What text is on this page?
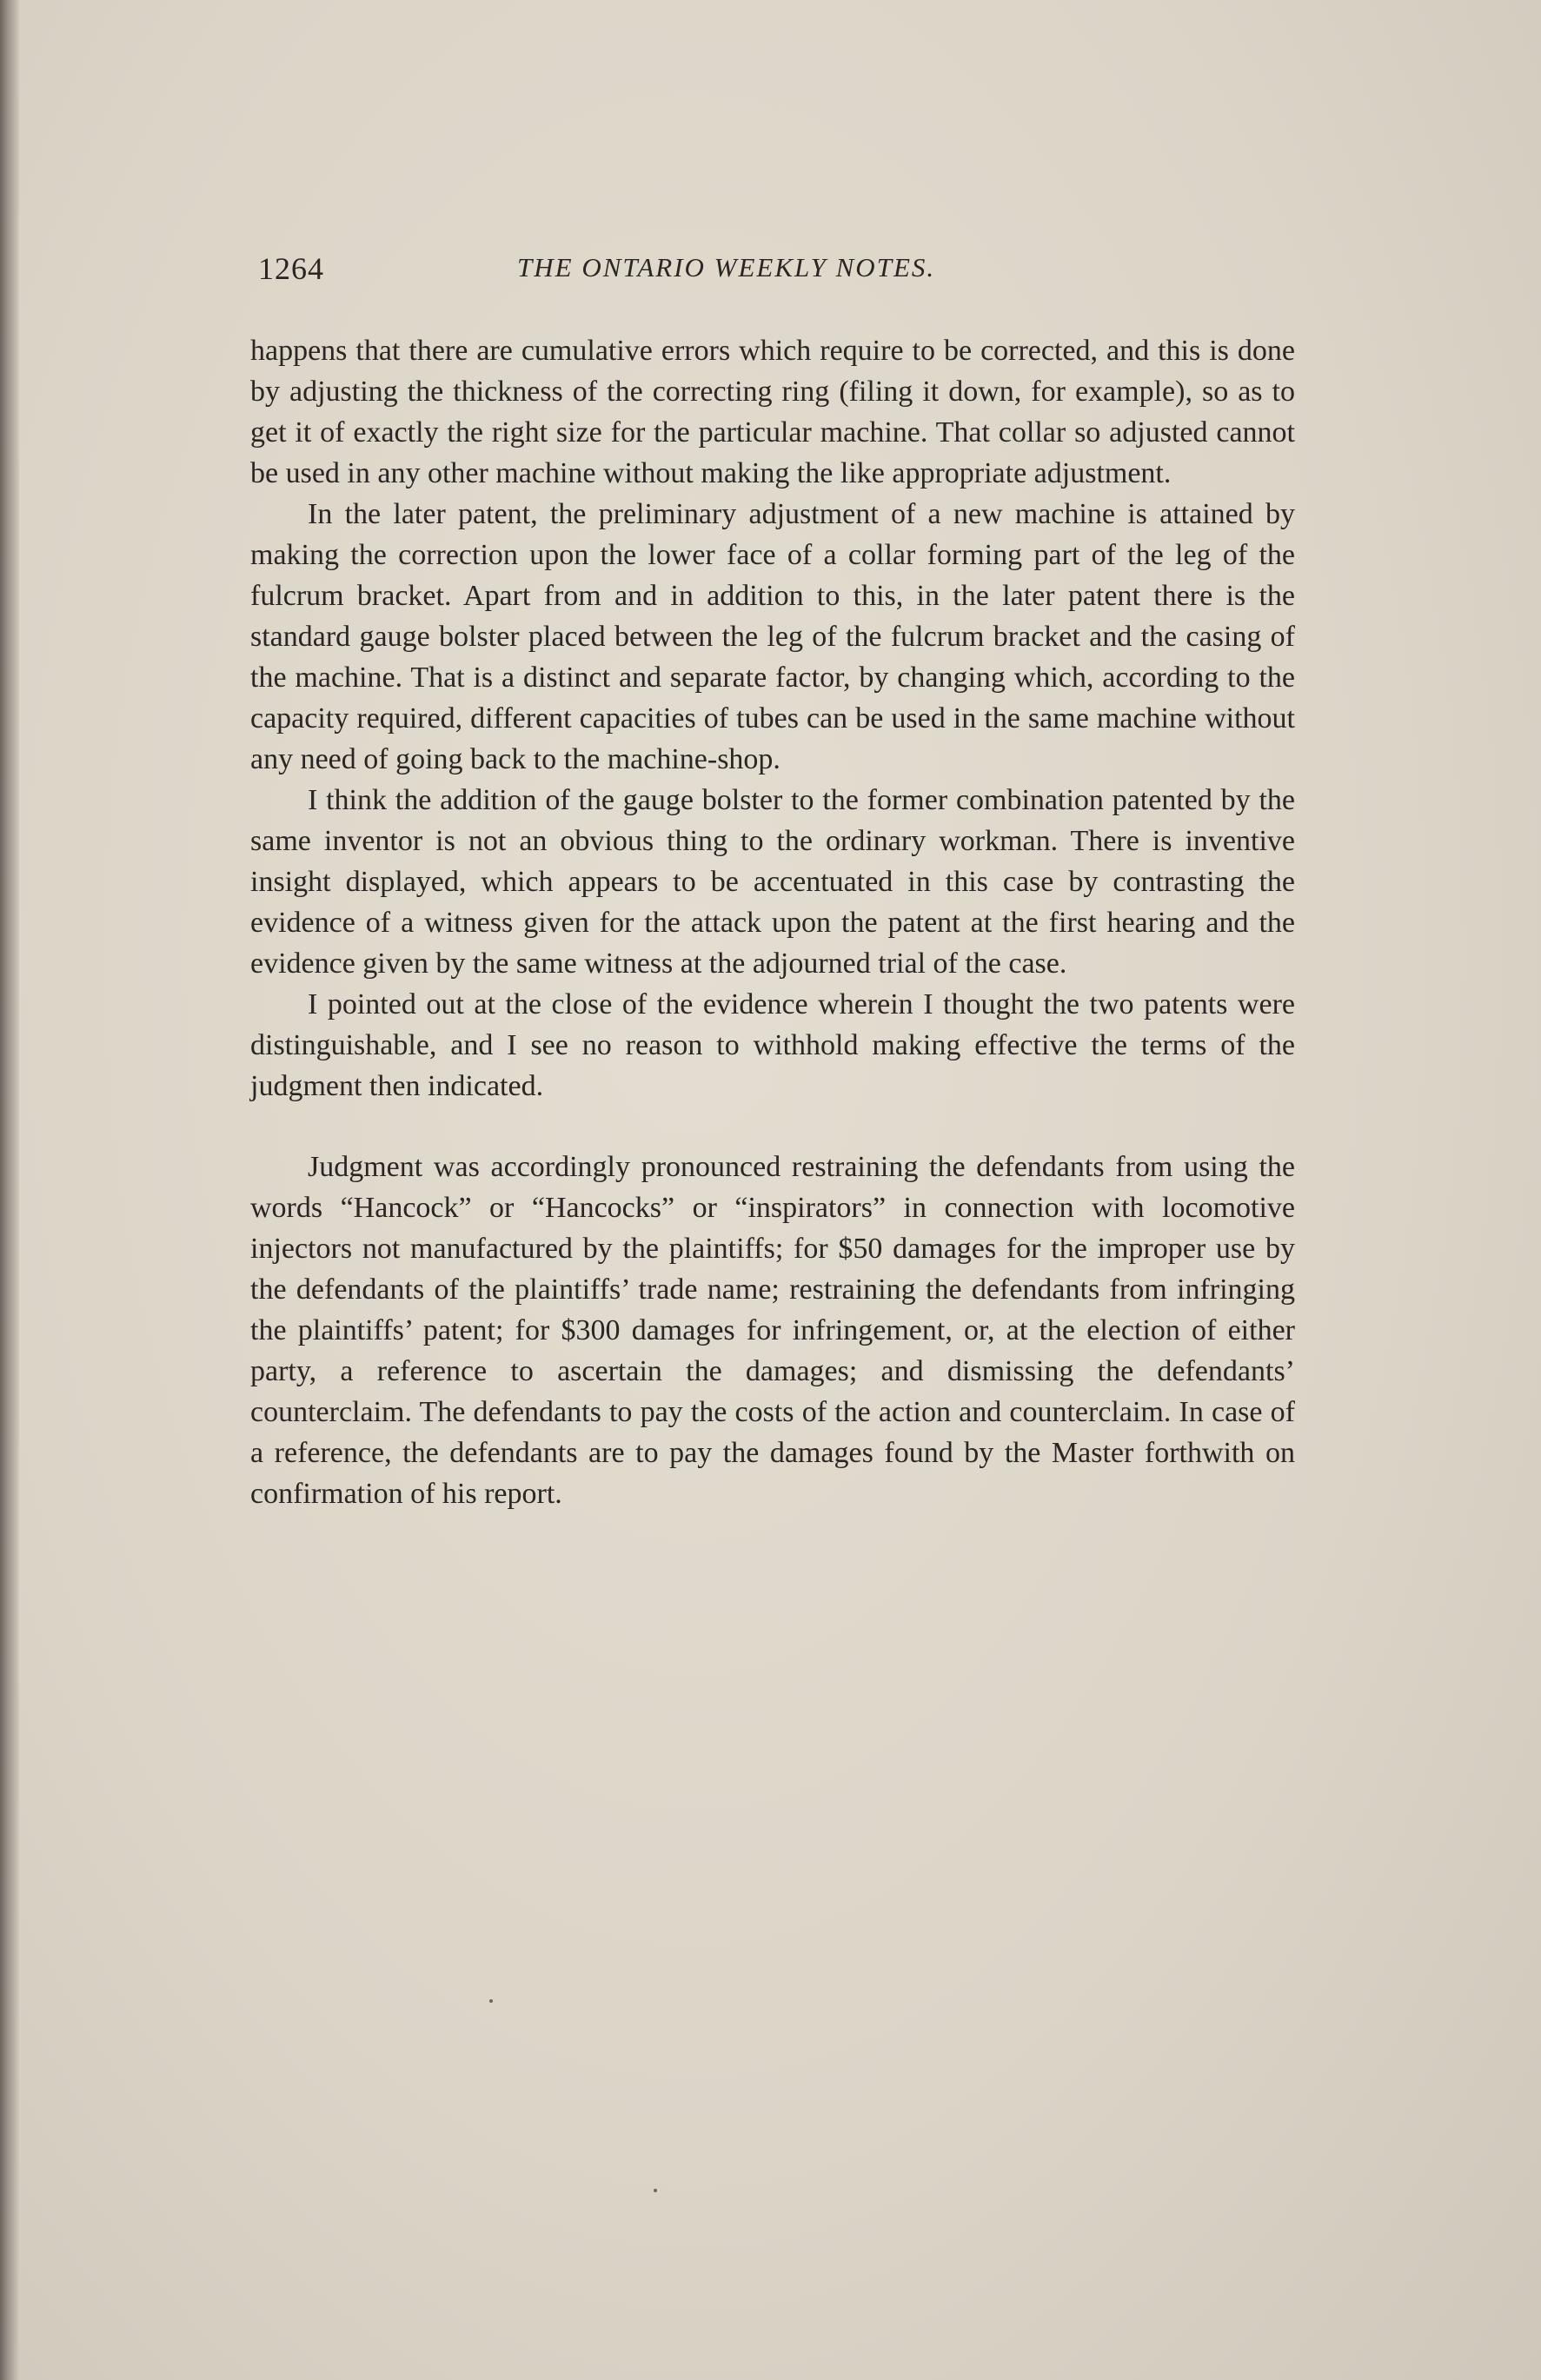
1264	THE ONTARIO WEEKLY NOTES.

happens that there are cumulative errors which require to be corrected, and this is done by adjusting the thickness of the correcting ring (filing it down, for example), so as to get it of exactly the right size for the particular machine. That collar so adjusted cannot be used in any other machine without making the like appropriate adjustment.

In the later patent, the preliminary adjustment of a new machine is attained by making the correction upon the lower face of a collar forming part of the leg of the fulcrum bracket. Apart from and in addition to this, in the later patent there is the standard gauge bolster placed between the leg of the fulcrum bracket and the casing of the machine. That is a distinct and separate factor, by changing which, according to the capacity required, different capacities of tubes can be used in the same machine without any need of going back to the machine-shop.

I think the addition of the gauge bolster to the former combination patented by the same inventor is not an obvious thing to the ordinary workman. There is inventive insight displayed, which appears to be accentuated in this case by contrasting the evidence of a witness given for the attack upon the patent at the first hearing and the evidence given by the same witness at the adjourned trial of the case.

I pointed out at the close of the evidence wherein I thought the two patents were distinguishable, and I see no reason to withhold making effective the terms of the judgment then indicated.

Judgment was accordingly pronounced restraining the defendants from using the words “Hancock” or “Hancocks” or “inspirators” in connection with locomotive injectors not manufactured by the plaintiffs; for $50 damages for the improper use by the defendants of the plaintiffs’ trade name; restraining the defendants from infringing the plaintiffs’ patent; for $300 damages for infringement, or, at the election of either party, a reference to ascertain the damages; and dismissing the defendants’ counterclaim. The defendants to pay the costs of the action and counterclaim. In case of a reference, the defendants are to pay the damages found by the Master forthwith on confirmation of his report.
